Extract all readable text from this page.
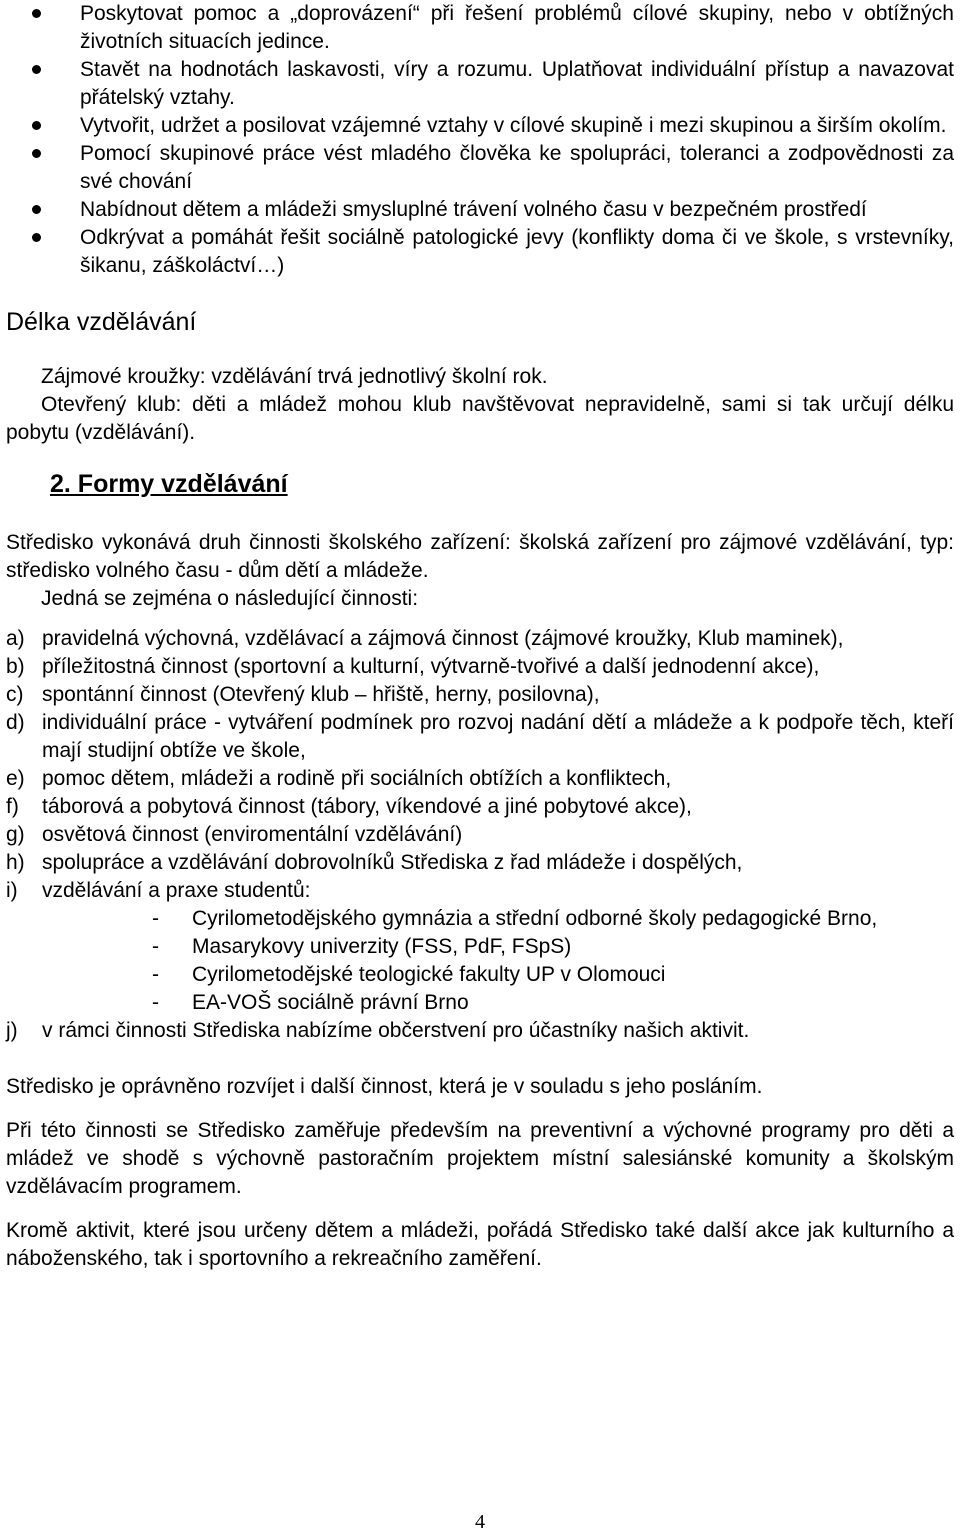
Poskytovat pomoc a „doprovázení“ při řešení problémů cílové skupiny, nebo v obtížných životních situacích jedince.
Stavět na hodnotách laskavosti, víry a rozumu. Uplatňovat individuální přístup a navazovat přátelský vztahy.
Vytvořit, udržet a posilovat vzájemné vztahy v cílové skupině i mezi skupinou a širším okolím.
Pomocí skupinové práce vést mladého člověka ke spolupráci, toleranci a zodpovědnosti za své chování
Nabídnout dětem a mládeži smysluplné trávení volného času v bezpečném prostředí
Odkrývat a pomáhát řešit sociálně patologické jevy (konflikty doma či ve škole, s vrstevníky, šikanu, záškoláctví…)
Délka vzdělávání
Zájmové kroužky: vzdělávání trvá jednotlivý školní rok.
Otevřený klub: děti a mládež mohou klub navštěvovat nepravidelně, sami si tak určují délku pobytu (vzdělávání).
2. Formy vzdělávání
Středisko vykonává druh činnosti školského zařízení: školská zařízení pro zájmové vzdělávání, typ: středisko volného času - dům dětí a mládeže.
Jedná se zejména o následující činnosti:
a) pravidelná výchovná, vzdělávací a zájmová činnost (zájmové kroužky, Klub maminek),
b) příležitostná činnost (sportovní a kulturní, výtvarně-tvořivé a další jednodenní akce),
c) spontánní činnost (Otevřený klub – hřiště, herny, posilovna),
d) individuální práce - vytváření podmínek pro rozvoj nadání dětí a mládeže a k podpoře těch, kteří mají studijní obtíže ve škole,
e) pomoc dětem, mládeži a rodině při sociálních obtížích a konfliktech,
f) táborová a pobytová činnost (tábory, víkendové a jiné pobytové akce),
g) osvětová činnost (enviromentální vzdělávání)
h) spolupráce a vzdělávání dobrovolníků Střediska z řad mládeže i dospělých,
i) vzdělávání a praxe studentů:
- Cyrilometodějského gymnázia a střední odborné školy pedagogické Brno,
- Masarykovy univerzity (FSS, PdF, FSpS)
- Cyrilometodějské teologické fakulty UP v Olomouci
- EA-VOŠ sociálně právní Brno
j) v rámci činnosti Střediska nabízíme občerstvení pro účastníky našich aktivit.
Středisko je oprávněno rozvíjet i další činnost, která je v souladu s jeho posláním.
Při této činnosti se Středisko zaměřuje především na preventivní a výchovné programy pro děti a mládež ve shodě s výchovně pastoračním projektem místní salesiánské komunity a školským vzdělávacím programem.
Kromě aktivit, které jsou určeny dětem a mládeži, pořádá Středisko také další akce jak kulturního a náboženského, tak i sportovního a rekreačního zaměření.
4
